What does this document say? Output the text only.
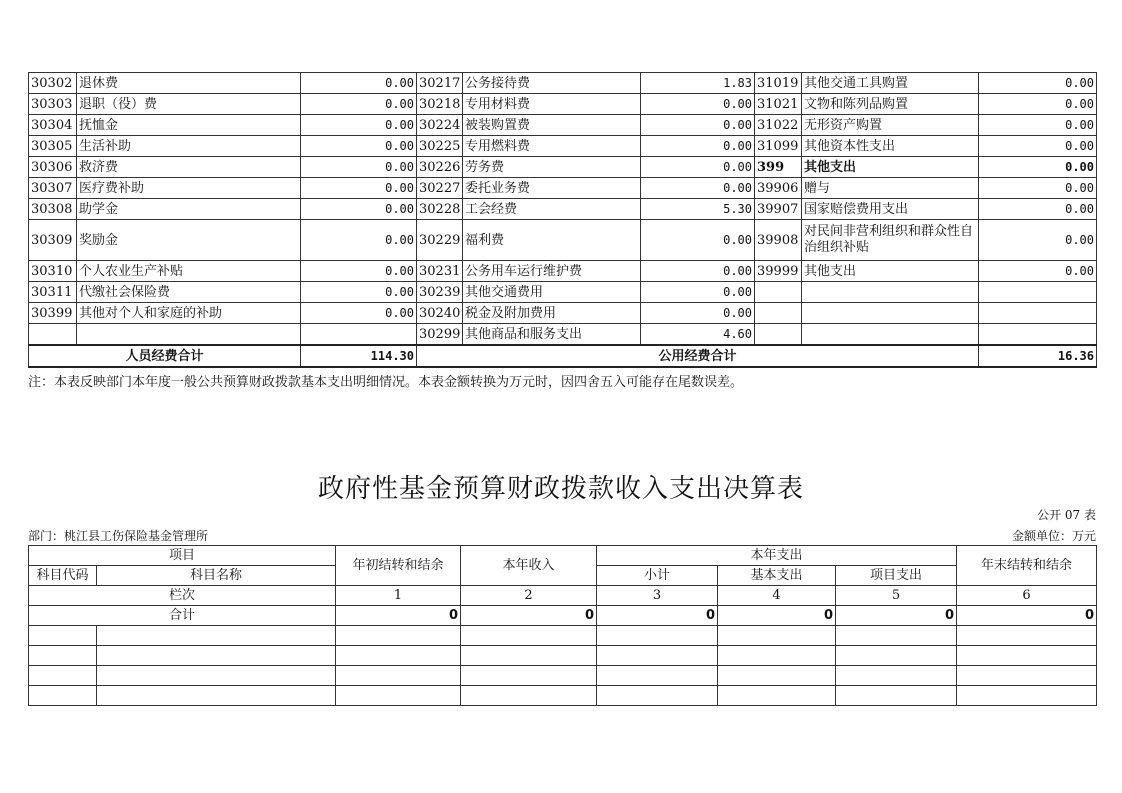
30302	退休费	0.00	30217	公务接待费	1.83	31019	其他交通工具购置	0.00
30303	退职（役）费	0.00	30218	专用材料费	0.00	31021	文物和陈列品购置	0.00
30304	抚恤金	0.00	30224	被装购置费	0.00	31022	无形资产购置	0.00
30305	生活补助	0.00	30225	专用燃料费	0.00	31099	其他资本性支出	0.00
30306	救济费	0.00	30226	劳务费	0.00	399	其他支出	0.00
30307	医疗费补助	0.00	30227	委托业务费	0.00	39906	赠与	0.00
30308	助学金	0.00	30228	工会经费	5.30	39907	国家赔偿费用支出	0.00
30309	奖励金	0.00	30229	福利费	0.00	39908	对民间非营利组织和群众性自治组织补贴	0.00
30310	个人农业生产补贴	0.00	30231	公务用车运行维护费	0.00	39999	其他支出	0.00
30311	代缴社会保险费	0.00	30239	其他交通费用	0.00			
30399	其他对个人和家庭的补助	0.00	30240	税金及附加费用	0.00			
			30299	其他商品和服务支出	4.60			
人员经费合计		114.30	公用经费合计					16.36
注：本表反映部门本年度一般公共预算财政拨款基本支出明细情况。本表金额转换为万元时，因四舍五入可能存在尾数误差。
政府性基金预算财政拨款收入支出决算表
公开 07 表
部门：桃江县工伤保险基金管理所	金额单位：万元
项目		年初结转和结余	本年收入	本年支出			年末结转和结余
科目代码	科目名称			小计	基本支出	项目支出	
栏次		1	2	3	4	5	6
合计		0	0	0	0	0	0
